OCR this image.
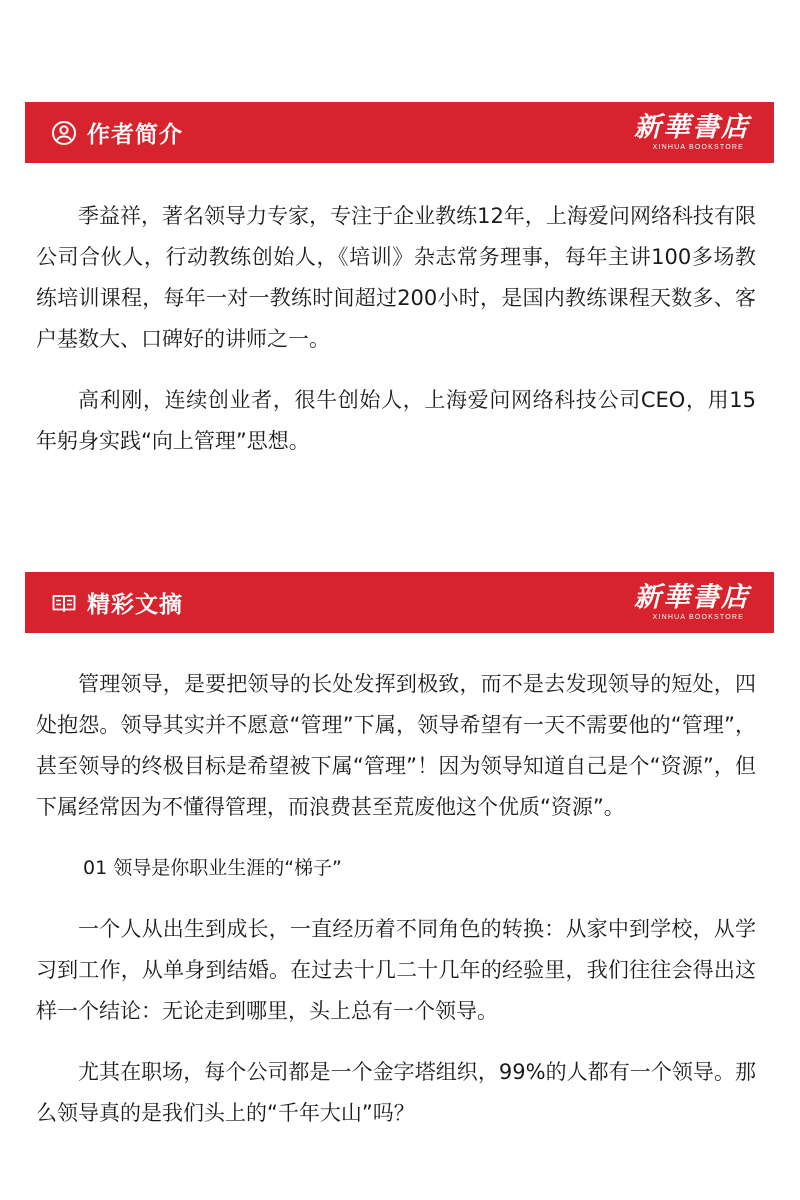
作者简介	新華書店
XINHUA BOOKSTORE

季益祥，著名领导力专家，专注于企业教练12年，上海爱问网络科技有限公司合伙人，行动教练创始人，《培训》杂志常务理事，每年主讲100多场教练培训课程，每年一对一教练时间超过200小时，是国内教练课程天数多、客户基数大、口碑好的讲师之一。

高利刚，连续创业者，很牛创始人，上海爱问网络科技公司CEO，用15年躬身实践“向上管理”思想。

精彩文摘	新華書店
XINHUA BOOKSTORE

管理领导，是要把领导的长处发挥到极致，而不是去发现领导的短处，四处抱怨。领导其实并不愿意“管理”下属，领导希望有一天不需要他的“管理”，甚至领导的终极目标是希望被下属“管理”！因为领导知道自己是个“资源”，但下属经常因为不懂得管理，而浪费甚至荒废他这个优质“资源”。

01 领导是你职业生涯的“梯子”

一个人从出生到成长，一直经历着不同角色的转换：从家中到学校，从学习到工作，从单身到结婚。在过去十几二十几年的经验里，我们往往会得出这样一个结论：无论走到哪里，头上总有一个领导。

尤其在职场，每个公司都是一个金字塔组织，99%的人都有一个领导。那么领导真的是我们头上的“千年大山”吗？
